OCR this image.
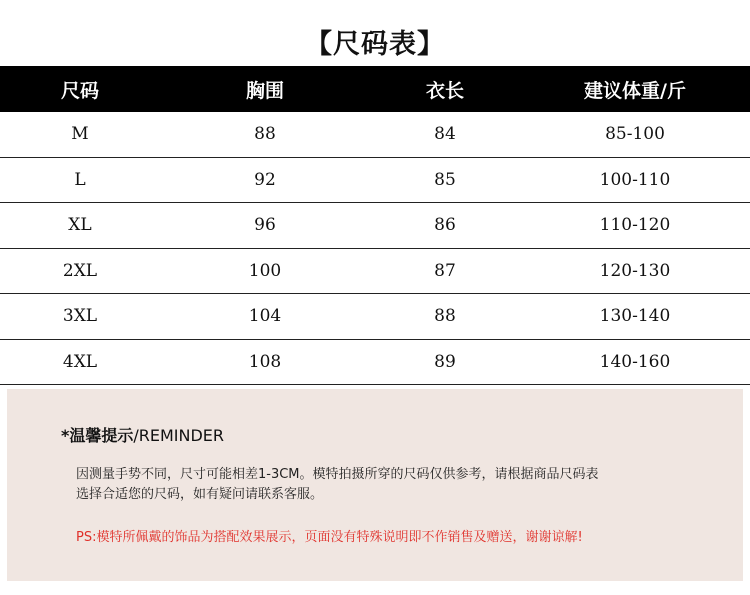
【尺码表】
尺码	胸围	衣长	建议体重/斤
M	88	84	85-100
L	92	85	100-110
XL	96	86	110-120
2XL	100	87	120-130
3XL	104	88	130-140
4XL	108	89	140-160
*温馨提示/REMINDER
因测量手势不同，尺寸可能相差1-3CM。模特拍摄所穿的尺码仅供参考，请根据商品尺码表
选择合适您的尺码，如有疑问请联系客服。
PS:模特所佩戴的饰品为搭配效果展示，页面没有特殊说明即不作销售及赠送，谢谢谅解!
